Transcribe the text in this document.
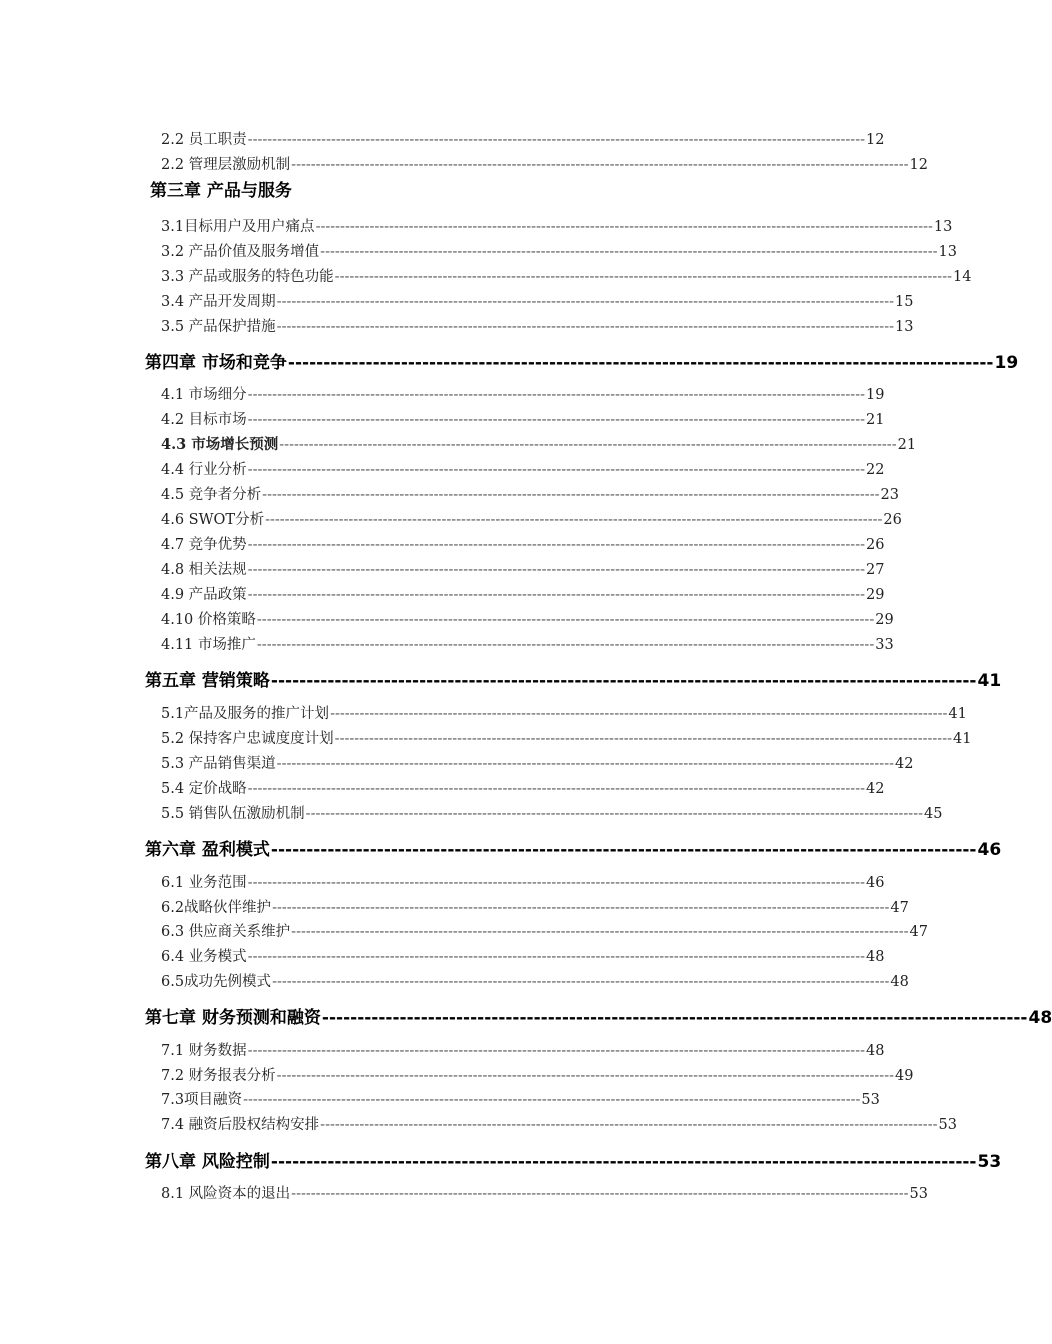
2.2 员工职责 ------------------------------------------------------------------------------------------------------------------------------ 12
2.2 管理层激励机制 ------------------------------------------------------------------------------------------------------------------------------ 12
第三章 产品与服务
3.1目标用户及用户痛点 ------------------------------------------------------------------------------------------------------------------------------ 13
3.2 产品价值及服务增值 ------------------------------------------------------------------------------------------------------------------------------ 13
3.3 产品或服务的特色功能 ------------------------------------------------------------------------------------------------------------------------------ 14
3.4 产品开发周期 ------------------------------------------------------------------------------------------------------------------------------ 15
3.5 产品保护措施 ------------------------------------------------------------------------------------------------------------------------------ 13
第四章 市场和竞争 ---------------------------------------------------------------------------------------------------- 19
4.1 市场细分 ------------------------------------------------------------------------------------------------------------------------------ 19
4.2 目标市场 ------------------------------------------------------------------------------------------------------------------------------ 21
4.3 市场增长预测 ------------------------------------------------------------------------------------------------------------------------------ 21
4.4 行业分析 ------------------------------------------------------------------------------------------------------------------------------ 22
4.5 竞争者分析 ------------------------------------------------------------------------------------------------------------------------------ 23
4.6 SWOT分析 ------------------------------------------------------------------------------------------------------------------------------ 26
4.7 竞争优势 ------------------------------------------------------------------------------------------------------------------------------ 26
4.8 相关法规 ------------------------------------------------------------------------------------------------------------------------------ 27
4.9 产品政策 ------------------------------------------------------------------------------------------------------------------------------ 29
4.10 价格策略 ------------------------------------------------------------------------------------------------------------------------------ 29
4.11 市场推广 ------------------------------------------------------------------------------------------------------------------------------ 33
第五章 营销策略 ---------------------------------------------------------------------------------------------------- 41
5.1产品及服务的推广计划 ------------------------------------------------------------------------------------------------------------------------------ 41
5.2 保持客户忠诚度度计划 ------------------------------------------------------------------------------------------------------------------------------ 41
5.3 产品销售渠道 ------------------------------------------------------------------------------------------------------------------------------ 42
5.4 定价战略 ------------------------------------------------------------------------------------------------------------------------------ 42
5.5 销售队伍激励机制 ------------------------------------------------------------------------------------------------------------------------------ 45
第六章 盈利模式 ---------------------------------------------------------------------------------------------------- 46
6.1 业务范围 ------------------------------------------------------------------------------------------------------------------------------ 46
6.2战略伙伴维护 ------------------------------------------------------------------------------------------------------------------------------ 47
6.3 供应商关系维护 ------------------------------------------------------------------------------------------------------------------------------ 47
6.4 业务模式 ------------------------------------------------------------------------------------------------------------------------------ 48
6.5成功先例模式 ------------------------------------------------------------------------------------------------------------------------------ 48
第七章 财务预测和融资 ---------------------------------------------------------------------------------------------------- 48
7.1 财务数据 ------------------------------------------------------------------------------------------------------------------------------ 48
7.2 财务报表分析 ------------------------------------------------------------------------------------------------------------------------------ 49
7.3项目融资 ------------------------------------------------------------------------------------------------------------------------------ 53
7.4 融资后股权结构安排 ------------------------------------------------------------------------------------------------------------------------------ 53
第八章 风险控制 ---------------------------------------------------------------------------------------------------- 53
8.1 风险资本的退出 ------------------------------------------------------------------------------------------------------------------------------ 53
